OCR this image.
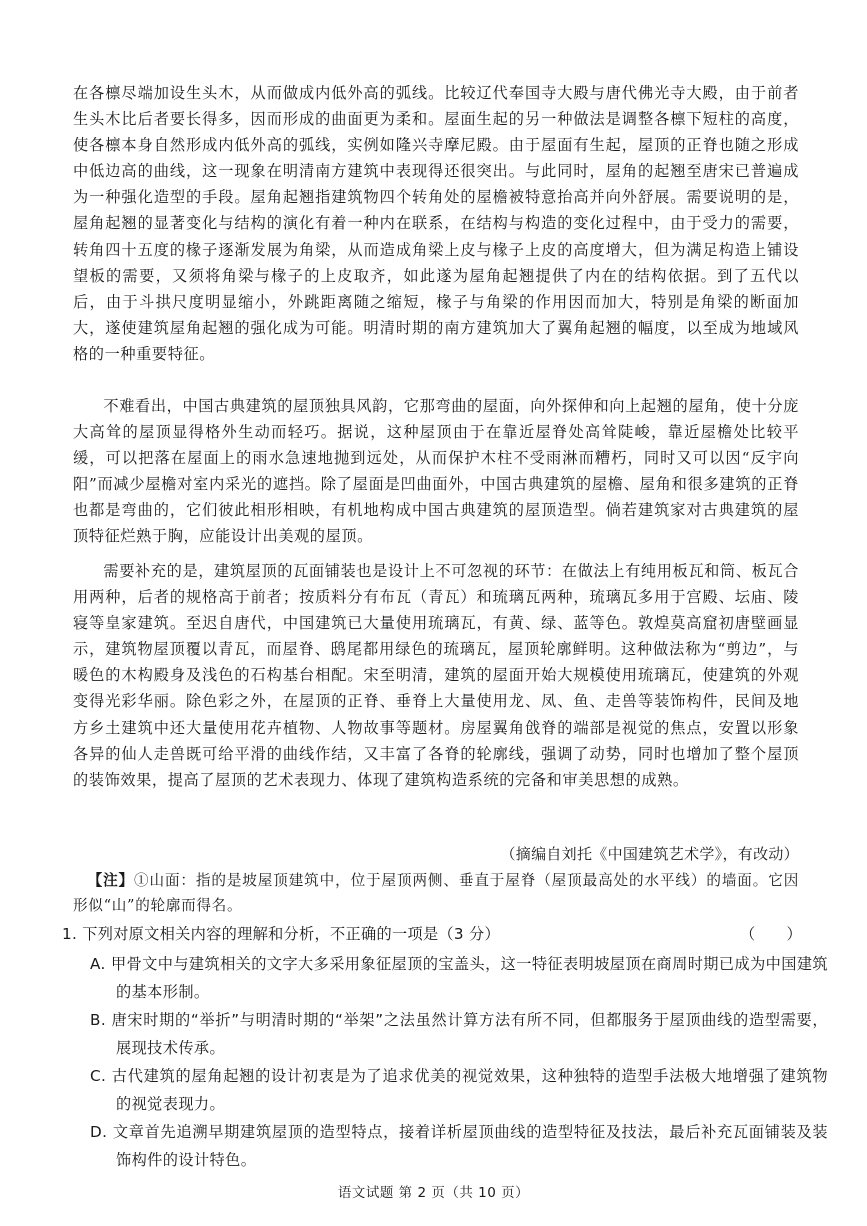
在各檩尽端加设生头木，从而做成内低外高的弧线。比较辽代奉国寺大殿与唐代佛光寺大殿，由于前者生头木比后者要长得多，因而形成的曲面更为柔和。屋面生起的另一种做法是调整各檩下短柱的高度，使各檩本身自然形成内低外高的弧线，实例如隆兴寺摩尼殿。由于屋面有生起，屋顶的正脊也随之形成中低边高的曲线，这一现象在明清南方建筑中表现得还很突出。与此同时，屋角的起翘至唐宋已普遍成为一种强化造型的手段。屋角起翘指建筑物四个转角处的屋檐被特意抬高并向外舒展。需要说明的是，屋角起翘的显著变化与结构的演化有着一种内在联系，在结构与构造的变化过程中，由于受力的需要，转角四十五度的椽子逐渐发展为角梁，从而造成角梁上皮与椽子上皮的高度增大，但为满足构造上铺设望板的需要，又须将角梁与椽子的上皮取齐，如此遂为屋角起翘提供了内在的结构依据。到了五代以后，由于斗拱尺度明显缩小，外跳距离随之缩短，椽子与角梁的作用因而加大，特别是角梁的断面加大，遂使建筑屋角起翘的强化成为可能。明清时期的南方建筑加大了翼角起翘的幅度，以至成为地域风格的一种重要特征。

不难看出，中国古典建筑的屋顶独具风韵，它那弯曲的屋面，向外探伸和向上起翘的屋角，使十分庞大高耸的屋顶显得格外生动而轻巧。据说，这种屋顶由于在靠近屋脊处高耸陡峻，靠近屋檐处比较平缓，可以把落在屋面上的雨水急速地抛到远处，从而保护木柱不受雨淋而糟朽，同时又可以因“反宇向阳”而减少屋檐对室内采光的遮挡。除了屋面是凹曲面外，中国古典建筑的屋檐、屋角和很多建筑的正脊也都是弯曲的，它们彼此相形相映，有机地构成中国古典建筑的屋顶造型。倘若建筑家对古典建筑的屋顶特征烂熟于胸，应能设计出美观的屋顶。

需要补充的是，建筑屋顶的瓦面铺装也是设计上不可忽视的环节：在做法上有纯用板瓦和筒、板瓦合用两种，后者的规格高于前者；按质料分有布瓦（青瓦）和琉璃瓦两种，琉璃瓦多用于宫殿、坛庙、陵寝等皇家建筑。至迟自唐代，中国建筑已大量使用琉璃瓦，有黄、绿、蓝等色。敦煌莫高窟初唐壁画显示，建筑物屋顶覆以青瓦，而屋脊、鸱尾都用绿色的琉璃瓦，屋顶轮廓鲜明。这种做法称为“剪边”，与暖色的木构殿身及浅色的石构基台相配。宋至明清，建筑的屋面开始大规模使用琉璃瓦，使建筑的外观变得光彩华丽。除色彩之外，在屋顶的正脊、垂脊上大量使用龙、凤、鱼、走兽等装饰构件，民间及地方乡土建筑中还大量使用花卉植物、人物故事等题材。房屋翼角戗脊的端部是视觉的焦点，安置以形象各异的仙人走兽既可给平滑的曲线作结，又丰富了各脊的轮廓线，强调了动势，同时也增加了整个屋顶的装饰效果，提高了屋顶的艺术表现力、体现了建筑构造系统的完备和审美思想的成熟。

（摘编自刘托《中国建筑艺术学》，有改动）

【注】①山面：指的是坡屋顶建筑中，位于屋顶两侧、垂直于屋脊（屋顶最高处的水平线）的墙面。它因形似“山”的轮廓而得名。

1. 下列对原文相关内容的理解和分析，不正确的一项是（3 分）	（　　）

A. 甲骨文中与建筑相关的文字大多采用象征屋顶的宝盖头，这一特征表明坡屋顶在商周时期已成为中国建筑的基本形制。

B. 唐宋时期的“举折”与明清时期的“举架”之法虽然计算方法有所不同，但都服务于屋顶曲线的造型需要，展现技术传承。

C. 古代建筑的屋角起翘的设计初衷是为了追求优美的视觉效果，这种独特的造型手法极大地增强了建筑物的视觉表现力。

D. 文章首先追溯早期建筑屋顶的造型特点，接着详析屋顶曲线的造型特征及技法，最后补充瓦面铺装及装饰构件的设计特色。

语文试题 第 2 页（共 10 页）
